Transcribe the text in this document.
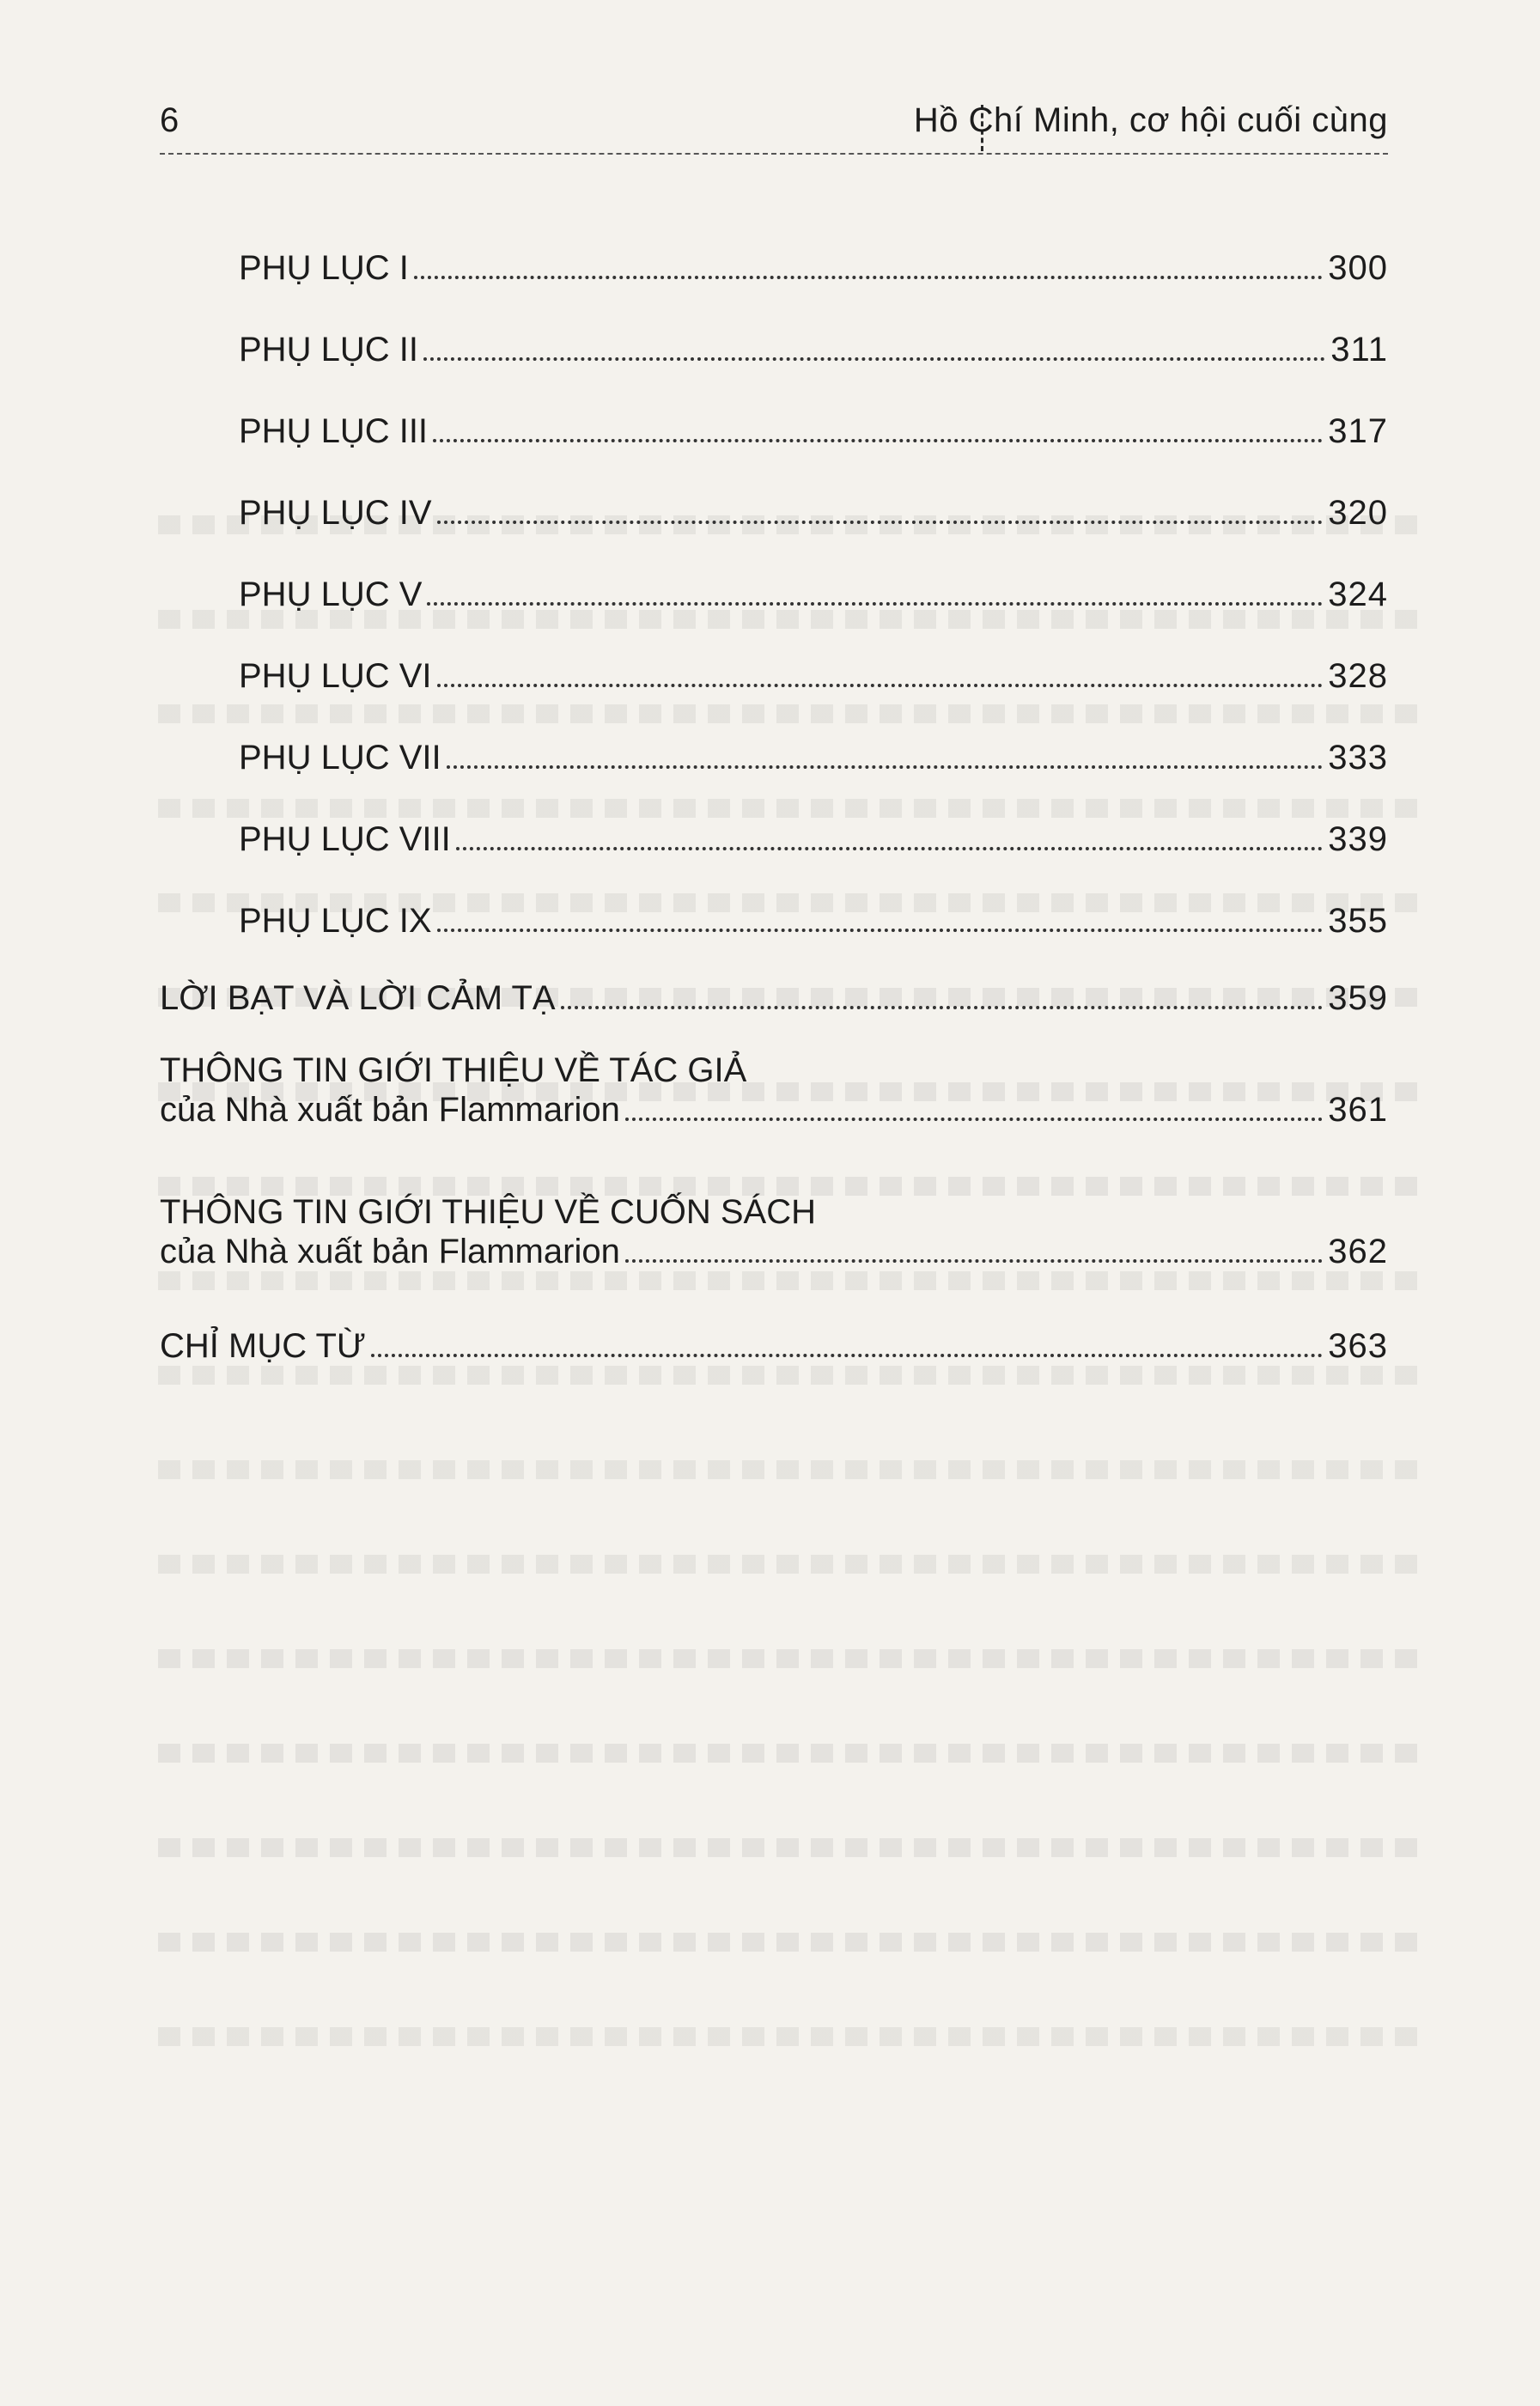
6	Hồ Chí Minh, cơ hội cuối cùng
PHỤ LỤC I	300
PHỤ LỤC II	311
PHỤ LỤC III	317
PHỤ LỤC IV	320
PHỤ LỤC V	324
PHỤ LỤC VI	328
PHỤ LỤC VII	333
PHỤ LỤC VIII	339
PHỤ LỤC IX	355
LỜI BẠT VÀ LỜI CẢM TẠ	359
THÔNG TIN GIỚI THIỆU VỀ TÁC GIẢ
của Nhà xuất bản Flammarion	361
THÔNG TIN GIỚI THIỆU VỀ CUỐN SÁCH
của Nhà xuất bản Flammarion	362
CHỈ MỤC TỪ	363
